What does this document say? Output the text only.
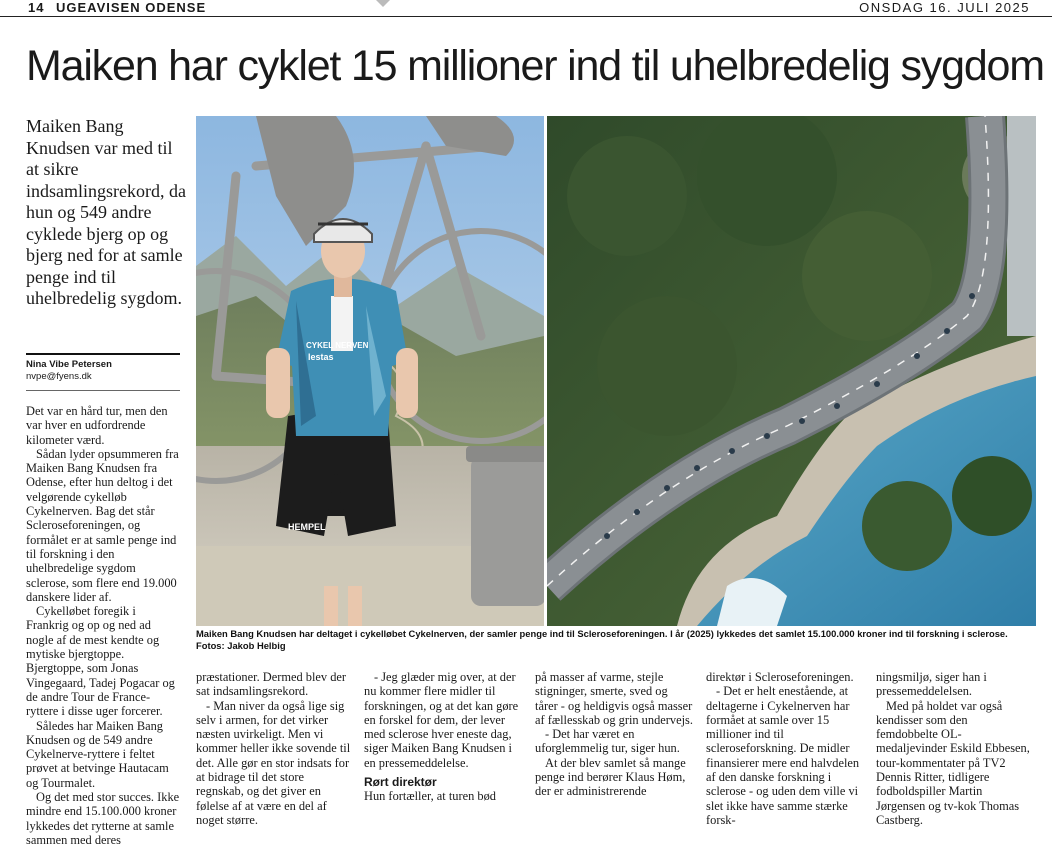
14 UGEAVISEN ODENSE	ONSDAG 16. JULI 2025
Maiken har cyklet 15 millioner ind til uhelbredelig sygdom
Maiken Bang Knudsen var med til at sikre indsamlingsrekord, da hun og 549 andre cyklede bjerg op og bjerg ned for at samle penge ind til uhelbredelig sygdom.
Nina Vibe Petersen
nvpe@fyens.dk

Det var en hård tur, men den var hver en udfordrende kilometer værd.

Sådan lyder opsummeren fra Maiken Bang Knudsen fra Odense, efter hun deltog i det velgørende cykelløb Cykelnerven. Bag det står Scleroseforeningen, og formålet er at samle penge ind til forskning i den uhelbredelige sygdom sclerose, som flere end 19.000 danskere lider af.

Cykelløbet foregik i Frankrig og op og ned ad nogle af de mest kendte og mytiske bjergtoppe. Bjergtoppe, som Jonas Vingegaard, Tadej Pogacar og de andre Tour de France-ryttere i disse uger forcerer.

Således har Maiken Bang Knudsen og de 549 andre Cykelnerve-ryttere i feltet prøvet at betvinge Hautacam og Tourmalet.

Og det med stor succes. Ikke mindre end 15.100.000 kroner lykkedes det rytterne at samle sammen med deres

HEMPEL
CYKEL NERVEN
lestas
Maiken Bang Knudsen har deltaget i cykelløbet Cykelnerven, der samler penge ind til Scleroseforeningen. I år (2025) lykkedes det samlet 15.100.000 kroner ind til forskning i sclerose.
Fotos: Jakob Helbig

præstationer. Dermed blev der sat indsamlingsrekord.

- Man niver da også lige sig selv i armen, for det virker næsten uvirkeligt. Men vi kommer heller ikke sovende til det. Alle gør en stor indsats for at bidrage til det store regnskab, og det giver en følelse af at være en del af noget større.

- Jeg glæder mig over, at der nu kommer flere midler til forskningen, og at det kan gøre en forskel for dem, der lever med sclerose hver eneste dag, siger Maiken Bang Knudsen i en pressemeddelelse.

Rørt direktør

Hun fortæller, at turen bød

på masser af varme, stejle stigninger, smerte, sved og tårer - og heldigvis også masser af fællesskab og grin undervejs.

- Det har været en uforglemmelig tur, siger hun.

At der blev samlet så mange penge ind berører Klaus Høm, der er administrerende

direktør i Scleroseforeningen.

- Det er helt enestående, at deltagerne i Cykelnerven har formået at samle over 15 millioner ind til scleroseforskning. De midler finansierer mere end halvdelen af den danske forskning i sclerose - og uden dem ville vi slet ikke have samme stærke forsk-

ningsmiljø, siger han i pressemeddelelsen.

Med på holdet var også kendisser som den femdobbelte OL-medaljevinder Eskild Ebbesen, tour-kommentater på TV2 Dennis Ritter, tidligere fodboldspiller Martin Jørgensen og tv-kok Thomas Castberg.
